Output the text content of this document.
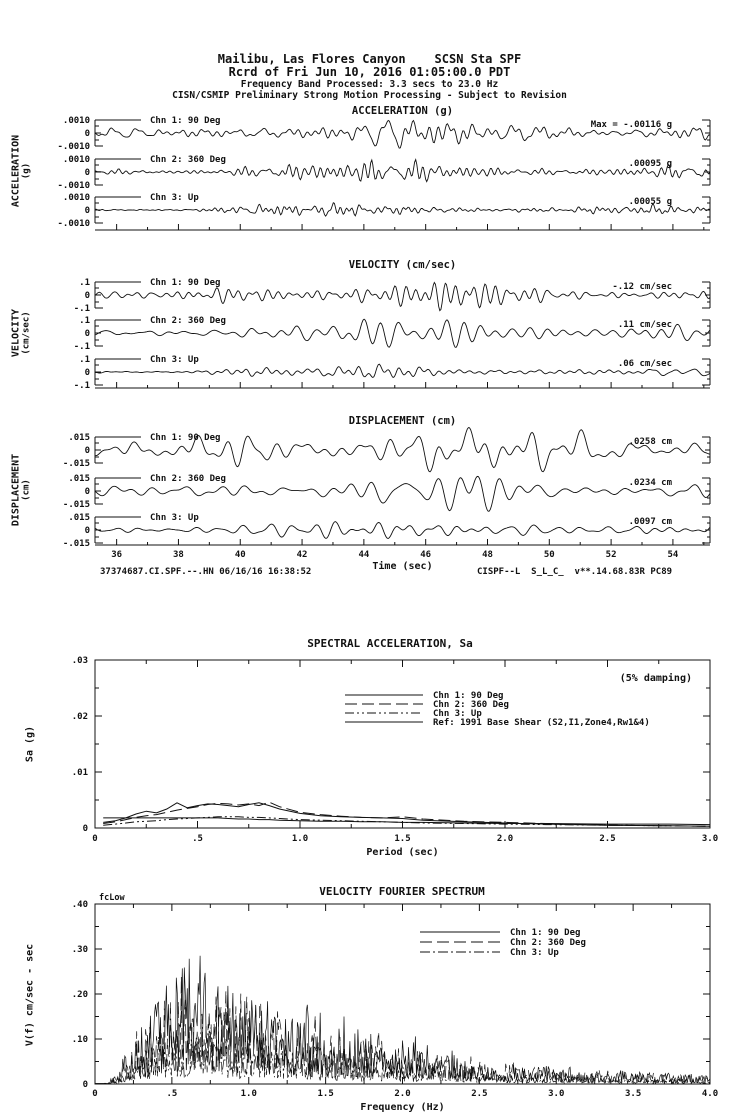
Mailibu, Las Flores Canyon    SCSN Sta SPF
Rcrd of Fri Jun 10, 2016 01:05:00.0 PDT
Frequency Band Processed: 3.3 secs to 23.0 Hz
CISN/CSMIP Preliminary Strong Motion Processing - Subject to Revision
ACCELERATION (g)
.0010
0
-.0010
Chn 1: 90 Deg	Max = -.00116 g
.0010
0
-.0010
Chn 2: 360 Deg	.00095 g
.0010
0
-.0010
Chn 3: Up	.00055 g
VELOCITY (cm/sec)
.1
0
-.1
Chn 1: 90 Deg	-.12 cm/sec
.1
0
-.1
Chn 2: 360 Deg	.11 cm/sec
.1
0
-.1
Chn 3: Up	.06 cm/sec
DISPLACEMENT (cm)
.015
0
-.015
Chn 1: 90 Deg	.0258 cm
.015
0
-.015
Chn 2: 360 Deg	.0234 cm
.015
0
-.015
Chn 3: Up	.0097 cm
36	38	40	42	44	46	48	50	52	54
Time (sec)
ACCELERATION (g)
VELOCITY (cm/sec)
DISPLACEMENT (cm)
37374687.CI.SPF.--.HN 06/16/16 16:38:52	CISPF--L  S_L_C_  v**.14.68.83R PC89
SPECTRAL ACCELERATION, Sa
0	.5	1.0	1.5	2.0	2.5	3.0
0
.01
.02
.03
Period (sec)
(5% damping)
Chn 1: 90 Deg
Chn 2: 360 Deg
Chn 3: Up
Ref: 1991 Base Shear (S2,I1,Zone4,Rw1&4)
Sa (g)
VELOCITY FOURIER SPECTRUM
0	.5	1.0	1.5	2.0	2.5	3.0	3.5	4.0
0
.10
.20
.30
.40
Frequency (Hz)
fcLow
Chn 1: 90 Deg
Chn 2: 360 Deg
Chn 3: Up
V(f) cm/sec - sec
